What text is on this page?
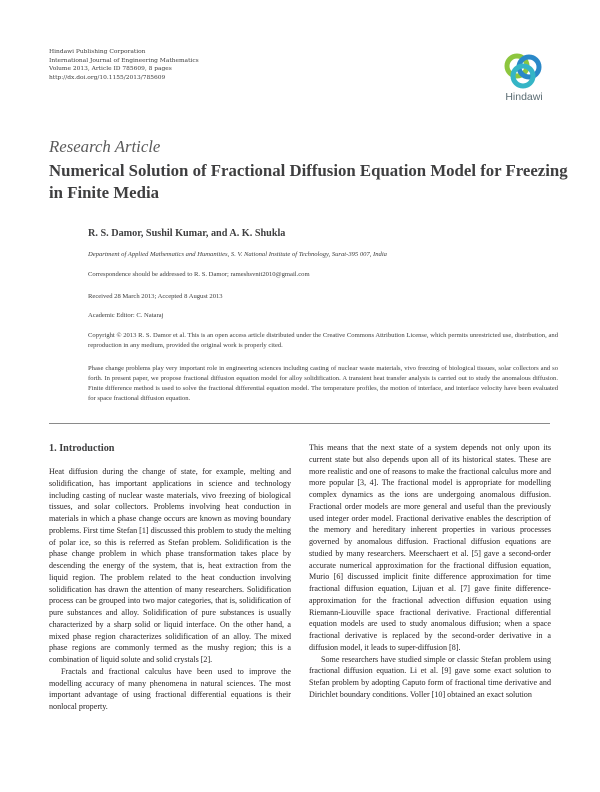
Hindawi Publishing Corporation
International Journal of Engineering Mathematics
Volume 2013, Article ID 785609, 8 pages
http://dx.doi.org/10.1155/2013/785609
Hindawi
Research Article
Numerical Solution of Fractional Diffusion Equation Model for Freezing in Finite Media
R. S. Damor, Sushil Kumar, and A. K. Shukla
Department of Applied Mathematics and Humanities, S. V. National Institute of Technology, Surat-395 007, India
Correspondence should be addressed to R. S. Damor; rameshsvnit2010@gmail.com
Received 28 March 2013; Accepted 8 August 2013
Academic Editor: C. Nataraj
Copyright © 2013 R. S. Damor et al. This is an open access article distributed under the Creative Commons Attribution License, which permits unrestricted use, distribution, and reproduction in any medium, provided the original work is properly cited.
Phase change problems play very important role in engineering sciences including casting of nuclear waste materials, vivo freezing of biological tissues, solar collectors and so forth. In present paper, we propose fractional diffusion equation model for alloy solidification. A transient heat transfer analysis is carried out to study the anomalous diffusion. Finite difference method is used to solve the fractional differential equation model. The temperature profiles, the motion of interface, and interface velocity have been evaluated for space fractional diffusion equation.
1. Introduction

Heat diffusion during the change of state, for example, melting and solidification, has important applications in science and technology including casting of nuclear waste materials, vivo freezing of biological tissues, and solar collectors. Problems involving heat conduction in materials in which a phase change occurs are known as moving boundary problems. First time Stefan [1] discussed this problem to study the melting of polar ice, so this is referred as Stefan problem. Solidification is the phase change problem in which phase transformation takes place by descending the energy of the system, that is, heat extraction from the liquid region. The problem related to the heat conduction involving solidification has drawn the attention of many researchers. Solidification process can be grouped into two major categories, that is, solidification of pure substances and alloy. Solidification of pure substances is usually characterized by a sharp solid or liquid interface. On the other hand, a mixed phase region characterizes solidification of an alloy. The mixed phase regions are commonly termed as the mushy region; this is a combination of liquid solute and solid crystals [2].

Fractals and fractional calculus have been used to improve the modelling accuracy of many phenomena in natural sciences. The most important advantage of using fractional differential equations is their nonlocal property.

This means that the next state of a system depends not only upon its current state but also depends upon all of its historical states. These are more realistic and one of reasons to make the fractional calculus more and more popular [3, 4]. The fractional model is appropriate for modelling complex dynamics as the ions are undergoing anomalous diffusion. Fractional order models are more general and useful than the previously used integer order model. Fractional derivative enables the description of the memory and hereditary inherent properties in various processes governed by anomalous diffusion. Fractional diffusion equations are studied by many researchers. Meerschaert et al. [5] gave a second-order accurate numerical approximation for the fractional diffusion equation, Murio [6] discussed implicit finite difference approximation for time fractional diffusion equation, Lijuan et al. [7] gave finite difference-approximation for the fractional advection diffusion equation using Riemann-Liouville space fractional derivative. Fractional differential equation models are used to study anomalous diffusion; when a space fractional derivative is replaced by the second-order derivative in a diffusion model, it leads to super-diffusion [8].

Some researchers have studied simple or classic Stefan problem using fractional diffusion equation. Li et al. [9] gave some exact solution to Stefan problem by adopting Caputo form of fractional time derivative and Dirichlet boundary conditions. Voller [10] obtained an exact solution
